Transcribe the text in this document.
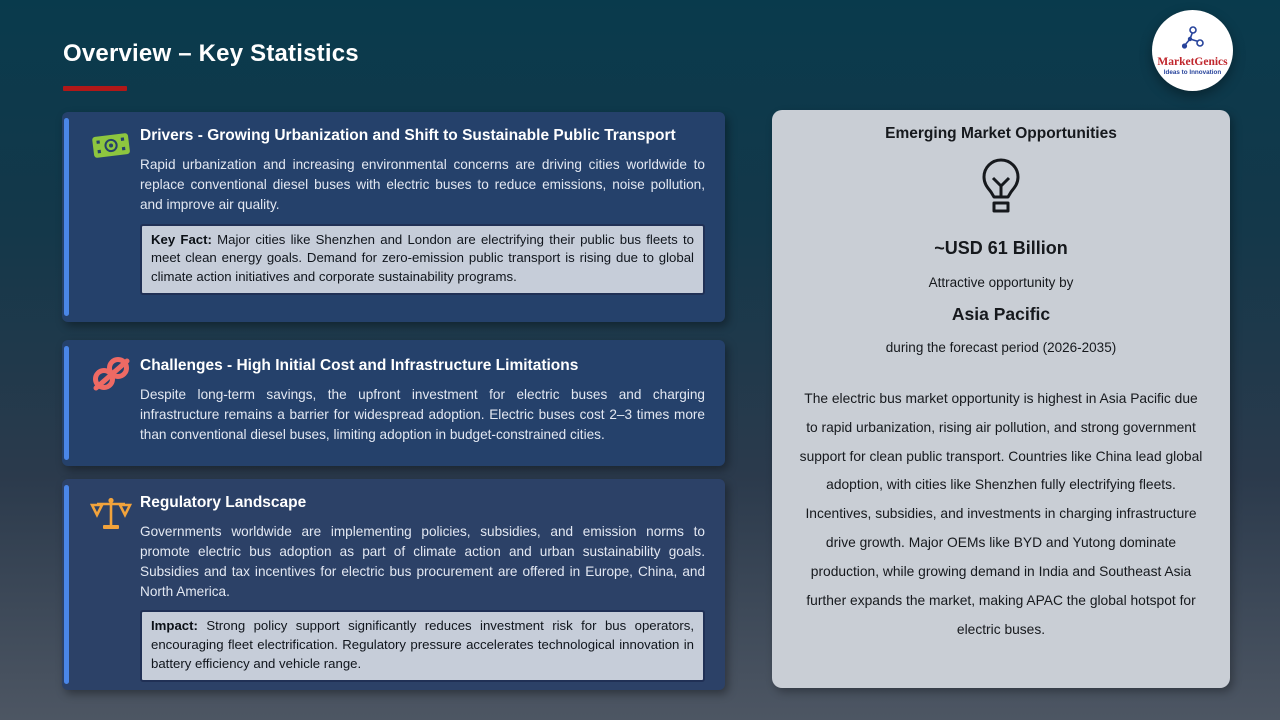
Overview – Key Statistics	MarketGenics
Ideas to Innovation
Drivers - Growing Urbanization and Shift to Sustainable Public Transport

Rapid urbanization and increasing environmental concerns are driving cities worldwide to replace conventional diesel buses with electric buses to reduce emissions, noise pollution, and improve air quality.

Key Fact: Major cities like Shenzhen and London are electrifying their public bus fleets to meet clean energy goals. Demand for zero-emission public transport is rising due to global climate action initiatives and corporate sustainability programs.
Challenges - High Initial Cost and Infrastructure Limitations

Despite long-term savings, the upfront investment for electric buses and charging infrastructure remains a barrier for widespread adoption. Electric buses cost 2–3 times more than conventional diesel buses, limiting adoption in budget-constrained cities.

Regulatory Landscape

Governments worldwide are implementing policies, subsidies, and emission norms to promote electric bus adoption as part of climate action and urban sustainability goals. Subsidies and tax incentives for electric bus procurement are offered in Europe, China, and North America.

Impact: Strong policy support significantly reduces investment risk for bus operators, encouraging fleet electrification. Regulatory pressure accelerates technological innovation in battery efficiency and vehicle range.
Emerging Market Opportunities
~USD 61 Billion
Attractive opportunity by
Asia Pacific
during the forecast period (2026-2035)
The electric bus market opportunity is highest in Asia Pacific due to rapid urbanization, rising air pollution, and strong government support for clean public transport. Countries like China lead global adoption, with cities like Shenzhen fully electrifying fleets. Incentives, subsidies, and investments in charging infrastructure drive growth. Major OEMs like BYD and Yutong dominate production, while growing demand in India and Southeast Asia further expands the market, making APAC the global hotspot for electric buses.
